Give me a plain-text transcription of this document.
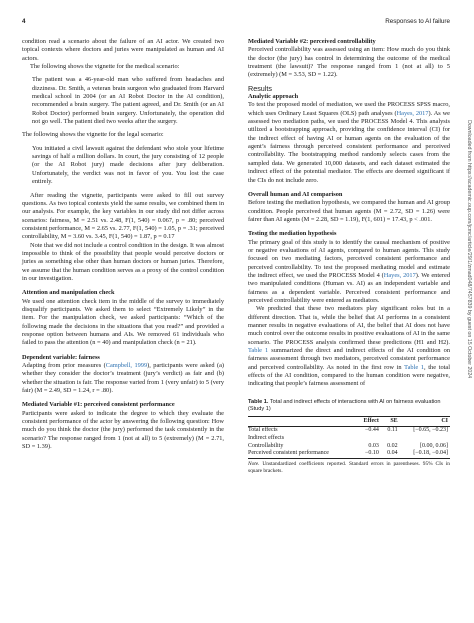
4	Responses to AI failure
Downloaded from https://academic.oup.com/jcmc/article/29/1/zmad048/7457839 by guest on 15 October 2024

condition read a scenario about the failure of an AI actor. We created two topical contexts where doctors and juries were manipulated as human and AI actors.

The following shows the vignette for the medical scenario:

The patient was a 46-year-old man who suffered from headaches and dizziness. Dr. Smith, a veteran brain surgeon who graduated from Harvard medical school in 2004 (or an AI Robot Doctor in the AI condition), recommended a brain surgery. The patient agreed, and Dr. Smith (or an AI Robot Doctor) performed brain surgery. Unfortunately, the operation did not go well. The patient died two weeks after the surgery.

The following shows the vignette for the legal scenario:

You initiated a civil lawsuit against the defendant who stole your lifetime savings of half a million dollars. In court, the jury consisting of 12 people (or the AI Robot jury) made decisions after jury deliberation. Unfortunately, the verdict was not in favor of you. You lost the case entirely.

After reading the vignette, participants were asked to fill out survey questions. As two topical contexts yield the same results, we combined them in our analysis. For example, the key variables in our study did not differ across scenarios: fairness, M = 2.51 vs. 2.48, F(1, 540) = 0.067, p = .80; perceived consistent performance, M = 2.65 vs. 2.77, F(1, 540) = 1.05, p = .31; perceived controllability, M = 3.60 vs. 3.45, F(1, 540) = 1.87, p = 0.17

Note that we did not include a control condition in the design. It was almost impossible to think of the possibility that people would perceive doctors or juries as something else other than human doctors or human juries. Therefore, we assume that the human condition serves as a proxy of the control condition in our investigation.

Attention and manipulation check

We used one attention check item in the middle of the survey to immediately disqualify participants. We asked them to select “Extremely Likely” in the item. For the manipulation check, we asked participants: “Which of the following made the decisions in the situations that you read?” and provided a response option between humans and AIs. We removed 61 individuals who failed to pass the attention (n = 40) and manipulation check (n = 21).

Dependent variable: fairness

Adapting from prior measures (Campbell, 1999), participants were asked (a) whether they consider the doctor’s treatment (jury’s verdict) as fair and (b) whether the situation is fair. The response varied from 1 (very unfair) to 5 (very fair) (M = 2.49, SD = 1.24, r = .80).

Mediated Variable #1: perceived consistent performance

Participants were asked to indicate the degree to which they evaluate the consistent performance of the actor by answering the following question: How much do you think the doctor (the jury) performed the task consistently in the scenario? The response ranged from 1 (not at all) to 5 (extremely) (M = 2.71, SD = 1.39).

Mediated Variable #2: perceived controllability

Perceived controllability was assessed using an item: How much do you think the doctor (the jury) has control in determining the outcome of the medical treatment (the lawsuit)? The response ranged from 1 (not at all) to 5 (extremely) (M = 3.53, SD = 1.22).

Results

Analytic approach

To test the proposed model of mediation, we used the PROCESS SPSS macro, which uses Ordinary Least Squares (OLS) path analyses (Hayes, 2017). As we assessed two mediation paths, we used the PROCESS Model 4. This analysis utilized a bootstrapping approach, providing the confidence interval (CI) for the indirect effect of having AI or human agents on the evaluation of the agent’s fairness through perceived consistent performance and perceived controllability. The bootstrapping method randomly selects cases from the sampled data. We generated 10,000 datasets, and each dataset estimated the indirect effect of the potential mediator. The effects are deemed significant if the CIs do not include zero.

Overall human and AI comparison

Before testing the mediation hypothesis, we compared the human and AI group condition. People perceived that human agents (M = 2.72, SD = 1.26) were fairer than AI agents (M = 2.28, SD = 1.19), F(1, 601) = 17.43, p < .001.

Testing the mediation hypothesis

The primary goal of this study is to identify the causal mechanism of positive or negative evaluations of AI agents, compared to human agents. This study focused on two mediating factors, perceived consistent performance and perceived controllability. To test the proposed mediating model and estimate the indirect effect, we used the PROCESS Model 4 (Hayes, 2017). We entered two manipulated conditions (Human vs. AI) as an independent variable and fairness as a dependent variable. Perceived consistent performance and perceived controllability were entered as mediators.

We predicted that these two mediators play significant roles but in a different direction. That is, while the belief that AI performs in a consistent manner results in negative evaluations of AI, the belief that AI does not have much control over the outcome results in positive evaluations of AI in the same scenario. The PROCESS analysis confirmed these predictions (H1 and H2). Table 1 summarized the direct and indirect effects of the AI condition on fairness assessment through two mediators, perceived consistent performance and perceived controllability. As noted in the first row in Table 1, the total effects of the AI condition, compared to the human condition were negative, indicating that people’s fairness assessment of

Table 1. Total and indirect effects of interactions with AI on fairness evaluation (Study 1)
	Effect	SE	CI
Total effects	−0.44	0.11	[−0.65, −0.23]
Indirect effects			
Controllability	0.03	0.02	[0.00, 0.06]
Perceived consistent performance	−0.10	0.04	[−0.18, −0.04]

Note. Unstandardized coefficients reported. Standard errors in parentheses. 95% CIs in square brackets.
